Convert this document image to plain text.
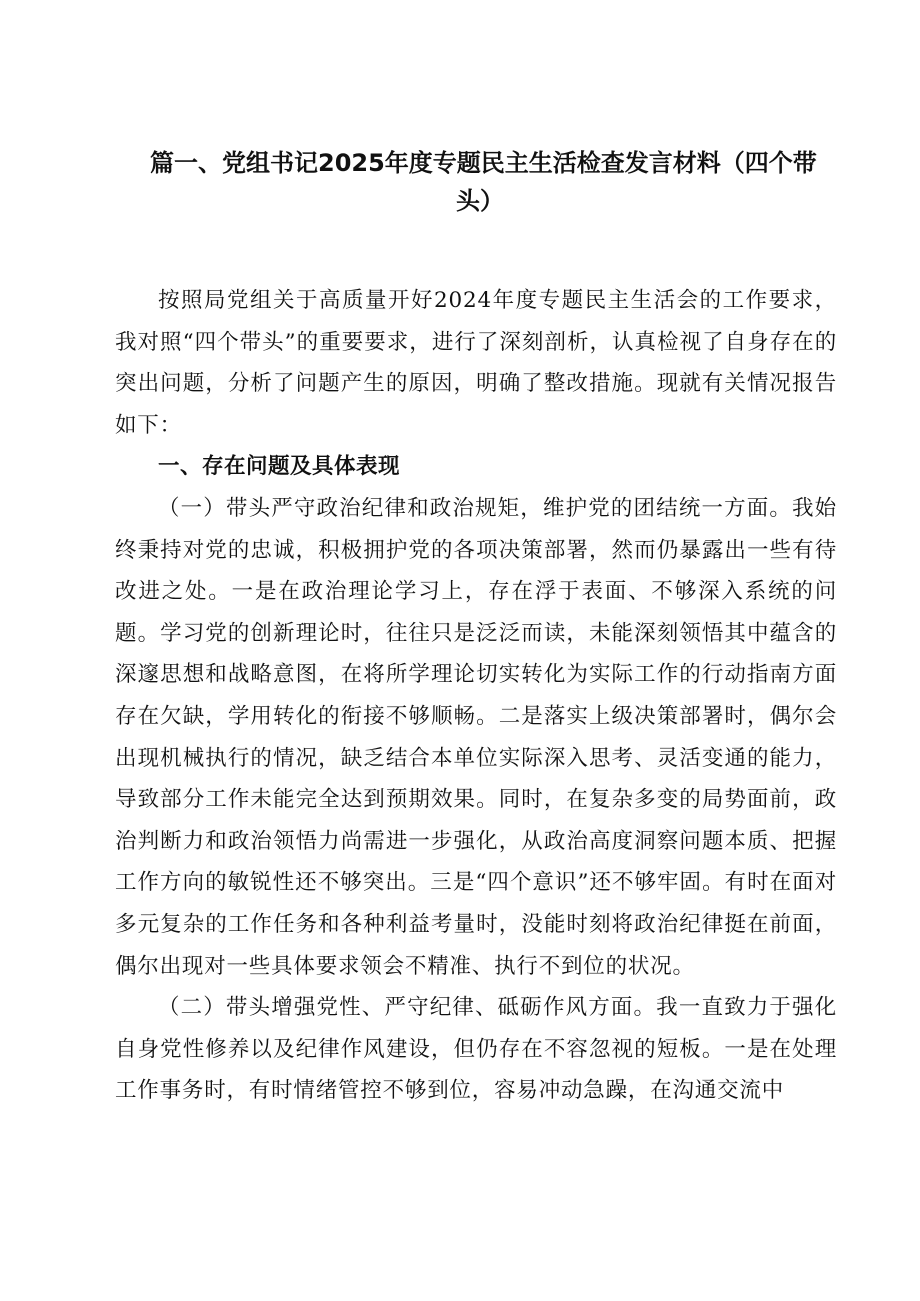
篇一、党组书记2025年度专题民主生活检查发言材料（四个带
头）

按照局党组关于高质量开好2024年度专题民主生活会的工作要求，我对照“四个带头”的重要要求，进行了深刻剖析，认真检视了自身存在的突出问题，分析了问题产生的原因，明确了整改措施。现就有关情况报告如下：

一、存在问题及具体表现

（一）带头严守政治纪律和政治规矩，维护党的团结统一方面。我始终秉持对党的忠诚，积极拥护党的各项决策部署，然而仍暴露出一些有待改进之处。一是在政治理论学习上，存在浮于表面、不够深入系统的问题。学习党的创新理论时，往往只是泛泛而读，未能深刻领悟其中蕴含的深邃思想和战略意图，在将所学理论切实转化为实际工作的行动指南方面存在欠缺，学用转化的衔接不够顺畅。二是落实上级决策部署时，偶尔会出现机械执行的情况，缺乏结合本单位实际深入思考、灵活变通的能力，导致部分工作未能完全达到预期效果。同时，在复杂多变的局势面前，政治判断力和政治领悟力尚需进一步强化，从政治高度洞察问题本质、把握工作方向的敏锐性还不够突出。三是“四个意识”还不够牢固。有时在面对多元复杂的工作任务和各种利益考量时，没能时刻将政治纪律挺在前面，偶尔出现对一些具体要求领会不精准、执行不到位的状况。

（二）带头增强党性、严守纪律、砥砺作风方面。我一直致力于强化自身党性修养以及纪律作风建设，但仍存在不容忽视的短板。一是在处理工作事务时，有时情绪管控不够到位，容易冲动急躁，在沟通交流中
